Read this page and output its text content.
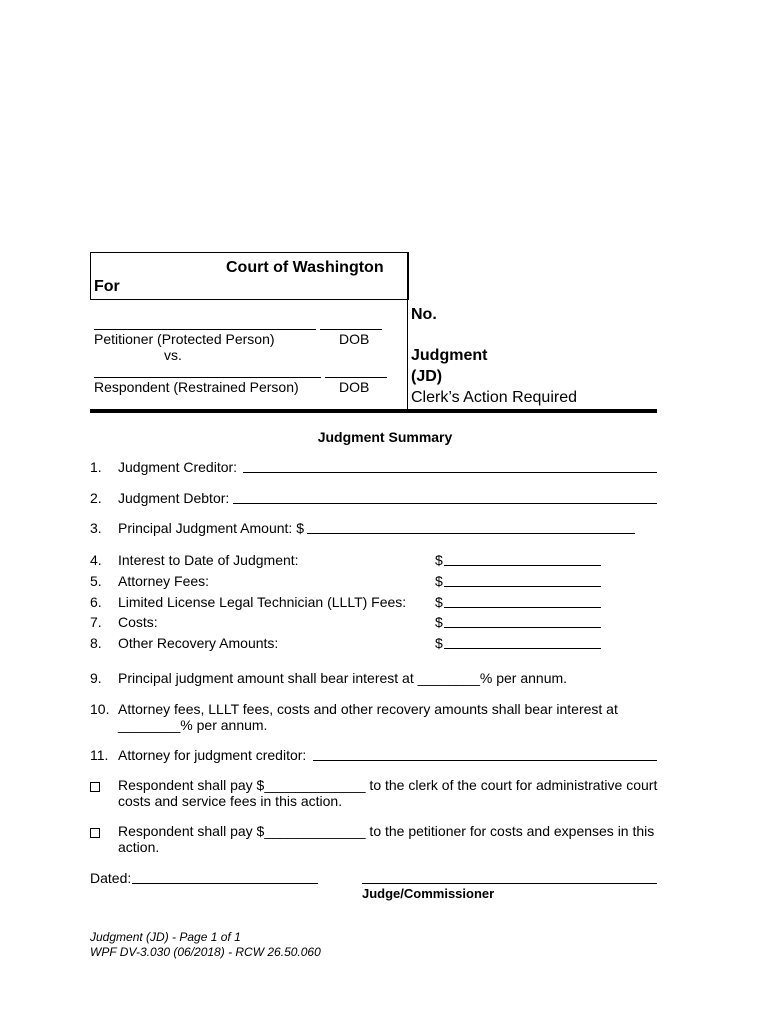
Court of Washington
For
Petitioner (Protected Person)	DOB
vs.
Respondent (Restrained Person)	DOB
No.
Judgment
(JD)
Clerk’s Action Required
Judgment Summary
1. Judgment Creditor:
2. Judgment Debtor:
3. Principal Judgment Amount: $
4. Interest to Date of Judgment:	$
5. Attorney Fees:	$
6. Limited License Legal Technician (LLLT) Fees: $
7. Costs:	$
8. Other Recovery Amounts:	$
9. Principal judgment amount shall bear interest at ________% per annum.
10. Attorney fees, LLLT fees, costs and other recovery amounts shall bear interest at
________% per annum.
11. Attorney for judgment creditor:
Respondent shall pay $_____________ to the clerk of the court for administrative court
costs and service fees in this action.
Respondent shall pay $_____________ to the petitioner for costs and expenses in this
action.
Dated:
Judge/Commissioner
Judgment (JD) - Page 1 of 1
WPF DV-3.030 (06/2018) - RCW 26.50.060
